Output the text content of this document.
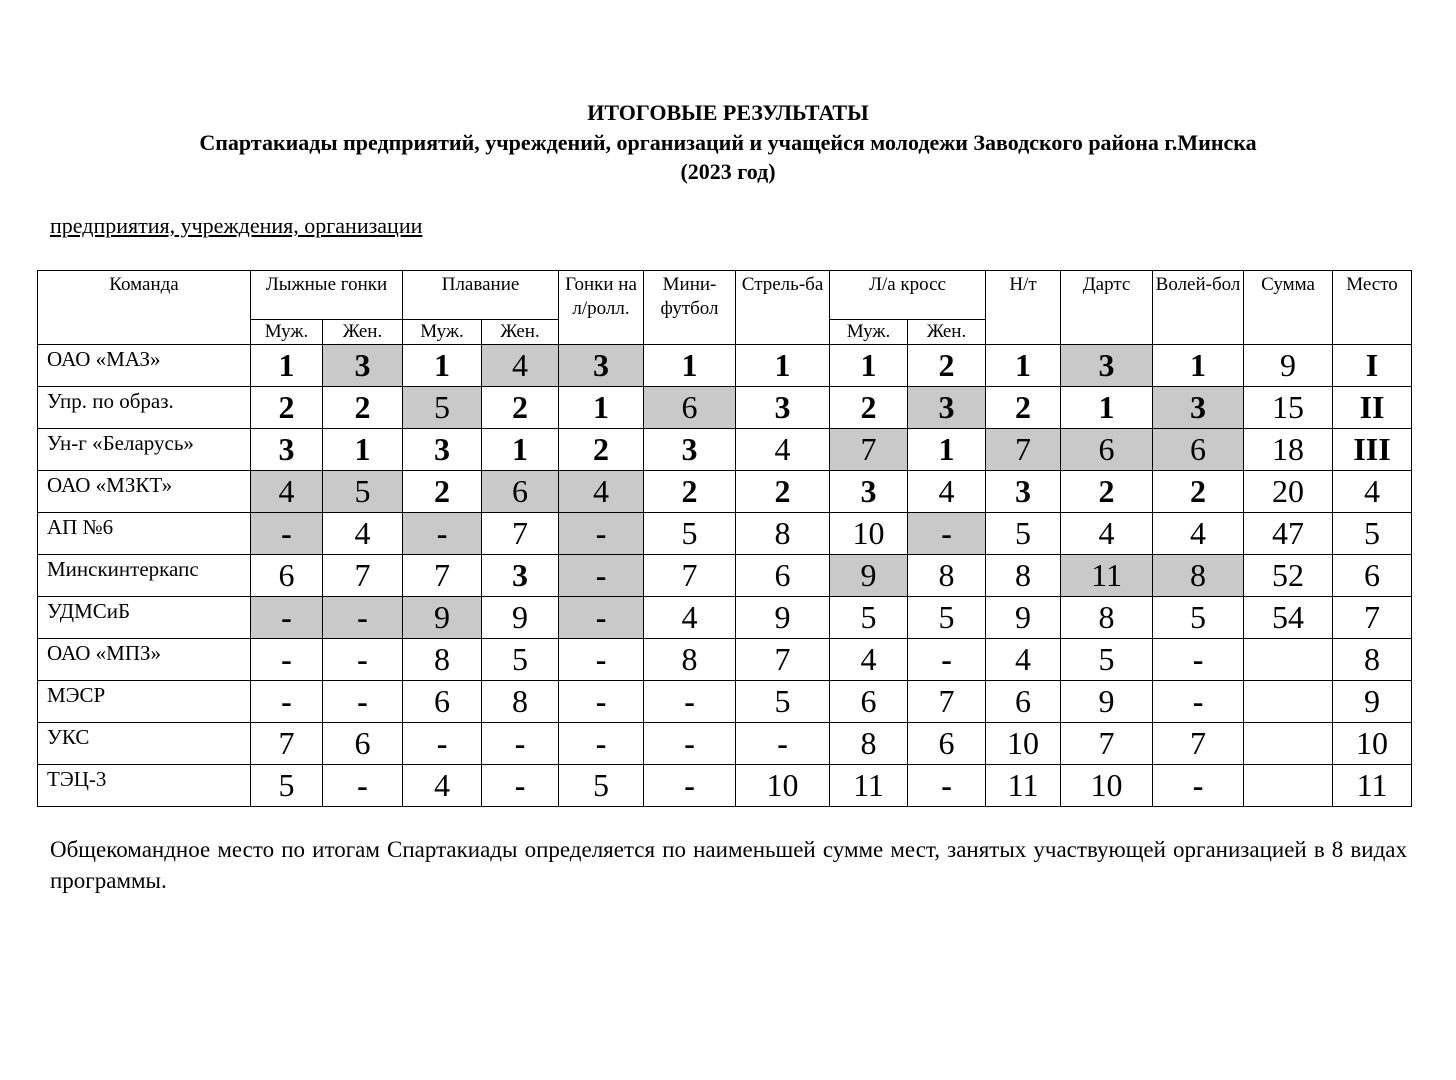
ИТОГОВЫЕ РЕЗУЛЬТАТЫ
Спартакиады предприятий, учреждений, организаций и учащейся молодежи Заводского района г.Минска
(2023 год)
предприятия, учреждения, организации
Команда	Лыжные гонки		Плавание		Гонки на л/ролл.	Мини-футбол	Стрель-ба	Л/а кросс		Н/т	Дартс	Волей-бол	Сумма	Место
	Муж.	Жен.	Муж.	Жен.				Муж.	Жен.					
ОАО «МАЗ»	1	3	1	4	3	1	1	1	2	1	3	1	9	I
Упр. по образ.	2	2	5	2	1	6	3	2	3	2	1	3	15	II
Ун-г «Беларусь»	3	1	3	1	2	3	4	7	1	7	6	6	18	III
ОАО «МЗКТ»	4	5	2	6	4	2	2	3	4	3	2	2	20	4
АП №6	-	4	-	7	-	5	8	10	-	5	4	4	47	5
Минскинтеркапс	6	7	7	3	-	7	6	9	8	8	11	8	52	6
УДМСиБ	-	-	9	9	-	4	9	5	5	9	8	5	54	7
ОАО «МПЗ»	-	-	8	5	-	8	7	4	-	4	5	-		8
МЭСР	-	-	6	8	-	-	5	6	7	6	9	-		9
УКС	7	6	-	-	-	-	-	8	6	10	7	7		10
ТЭЦ-3	5	-	4	-	5	-	10	11	-	11	10	-		11
Общекомандное место по итогам Спартакиады определяется по наименьшей сумме мест, занятых участвующей организацией в 8 видах программы.
